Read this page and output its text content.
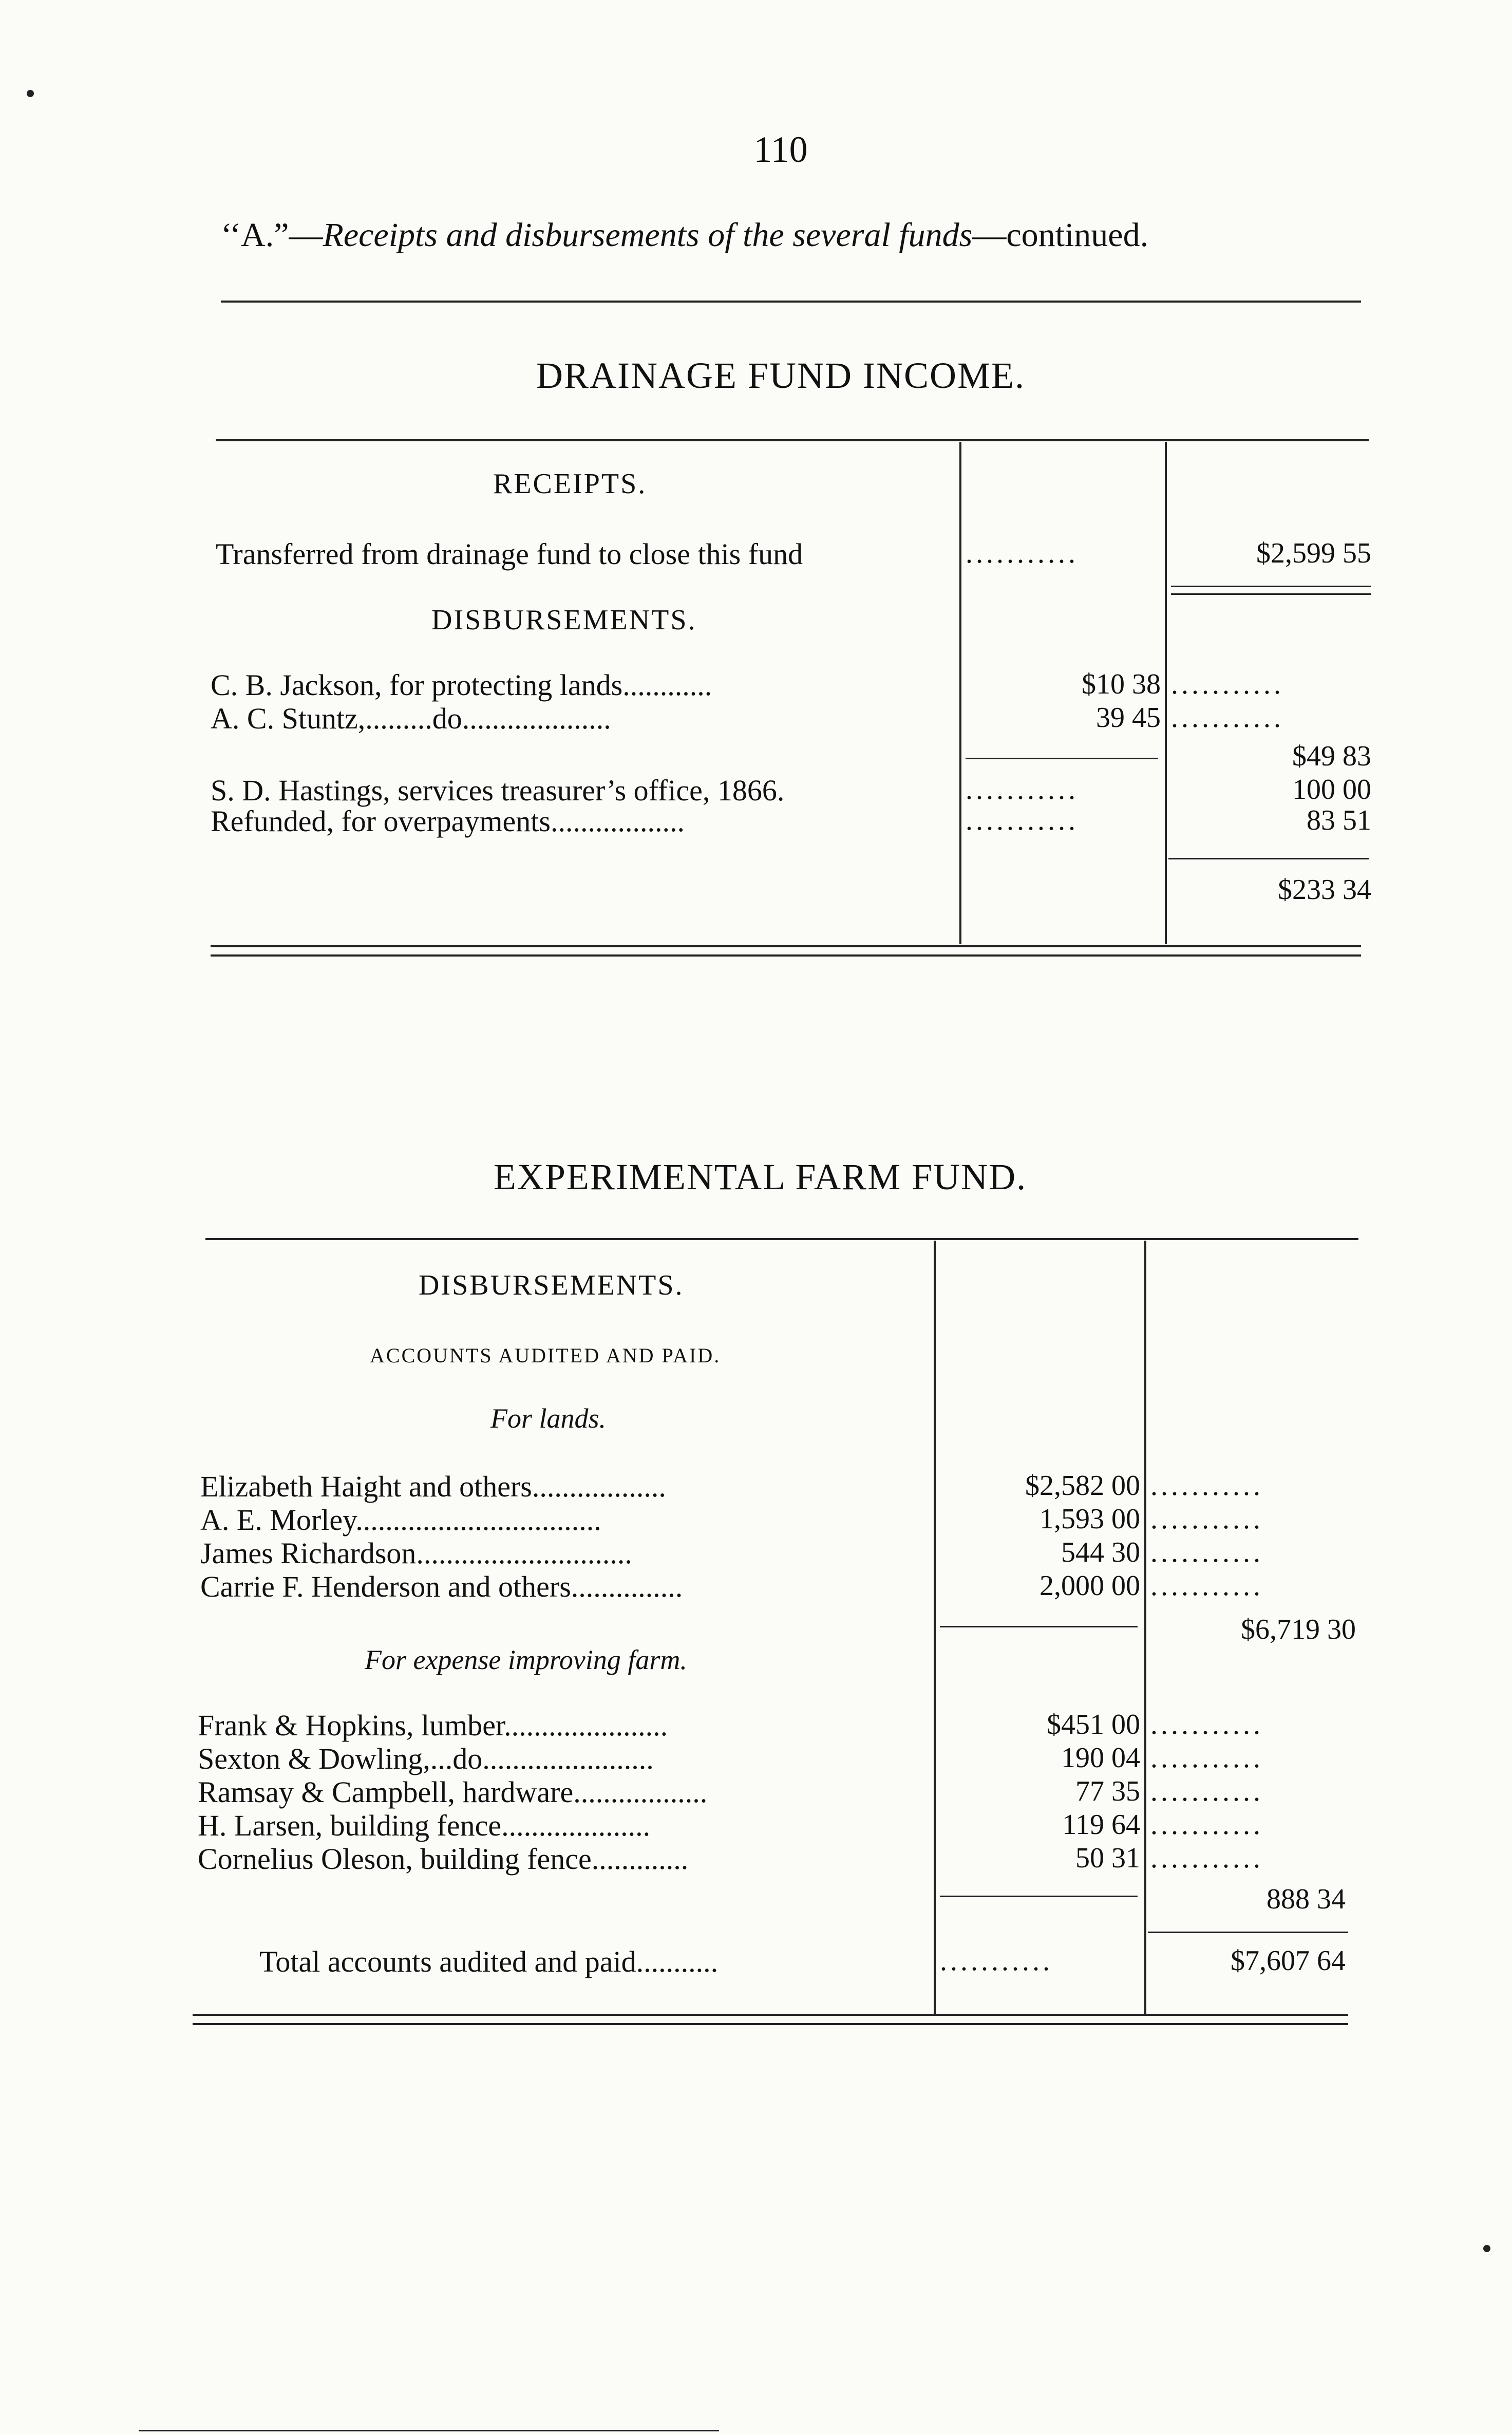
110
‘‘A.”—Receipts and disbursements of the several funds—continued.
DRAINAGE FUND INCOME.
RECEIPTS.
Transferred from drainage fund to close this fund	...........	$2,599 55
DISBURSEMENTS.
C. B. Jackson, for protecting lands............	$10 38 ...........
A. C. Stuntz,.........do....................	39 45 ...........
$49 83
S. D. Hastings, services treasurer’s office, 1866.	...........	100 00
Refunded, for overpayments..................	...........	83 51
$233 34
EXPERIMENTAL FARM FUND.
DISBURSEMENTS.
ACCOUNTS AUDITED AND PAID.
For lands.
Elizabeth Haight and others..................	$2,582 00 ...........
A. E. Morley.................................	1,593 00 ...........
James Richardson.............................	544 30 ...........
Carrie F. Henderson and others...............	2,000 00 ...........
$6,719 30
For expense improving farm.
Frank & Hopkins, lumber......................	$451 00 ...........
Sexton & Dowling,...do.......................	190 04 ...........
Ramsay & Campbell, hardware..................	77 35 ...........
H. Larsen, building fence....................	119 64 ...........
Cornelius Oleson, building fence.............	50 31 ...........
888 34
Total accounts audited and paid...........	...........	$7,607 64
